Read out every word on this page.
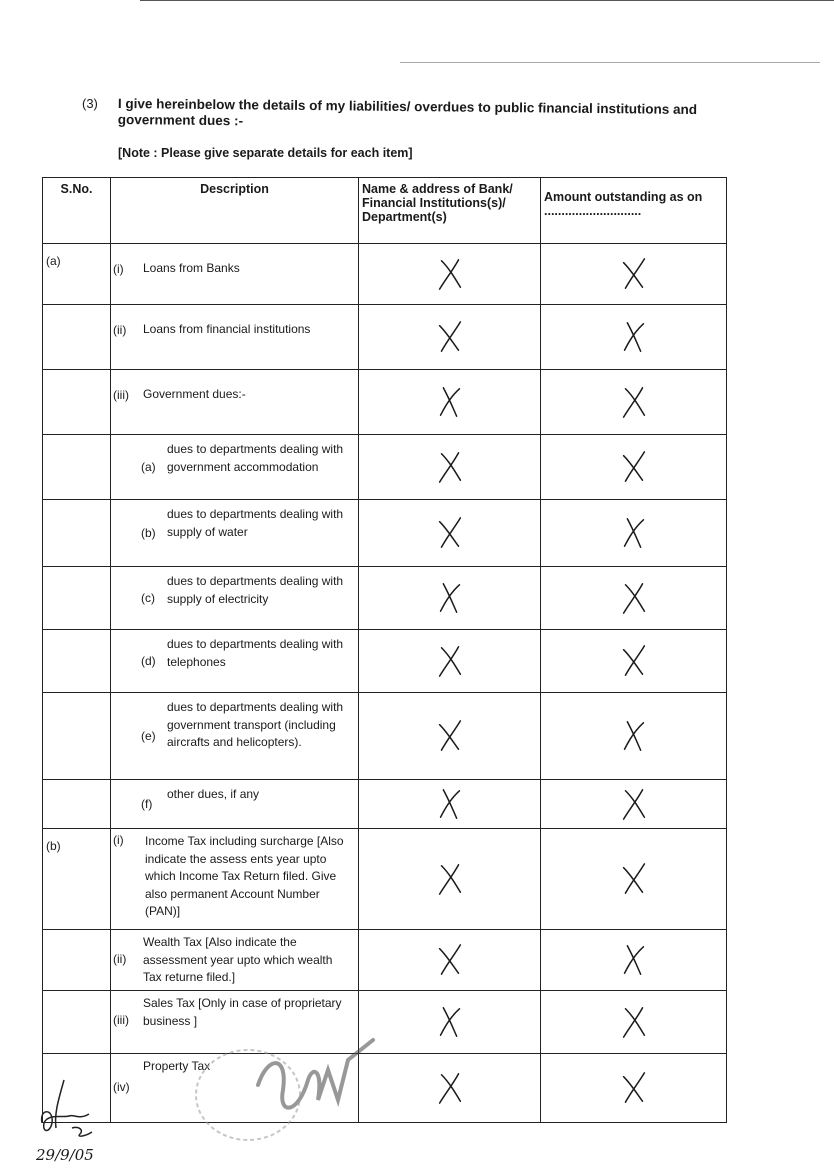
(3) I give hereinbelow the details of my liabilities/ overdues to public financial institutions and government dues :-
[Note : Please give separate details for each item]
S.No.	Description	Name & address of Bank/ Financial Institutions(s)/ Department(s)	Amount outstanding as on ............................

(a)	(i) Loans from Banks

	(ii) Loans from financial institutions

	(iii) Government dues:-

	(a)
dues to departments dealing with government accommodation

	(b)
dues to departments dealing with supply of water

	(c)
dues to departments dealing with supply of electricity

	(d)
dues to departments dealing with telephones

	(e)
dues to departments dealing with government transport (including aircrafts and helicopters).

	(f)
other dues, if any

(b)	(i) Income Tax including surcharge [Also indicate the assess ents year upto which Income Tax Return filed. Give also permanent Account Number (PAN)]

	(ii)
Wealth Tax [Also indicate the assessment year upto which wealth Tax returne filed.]

	(iii)
Sales Tax [Only in case of proprietary business ]

	(iv)
Property Tax

29/9/05
